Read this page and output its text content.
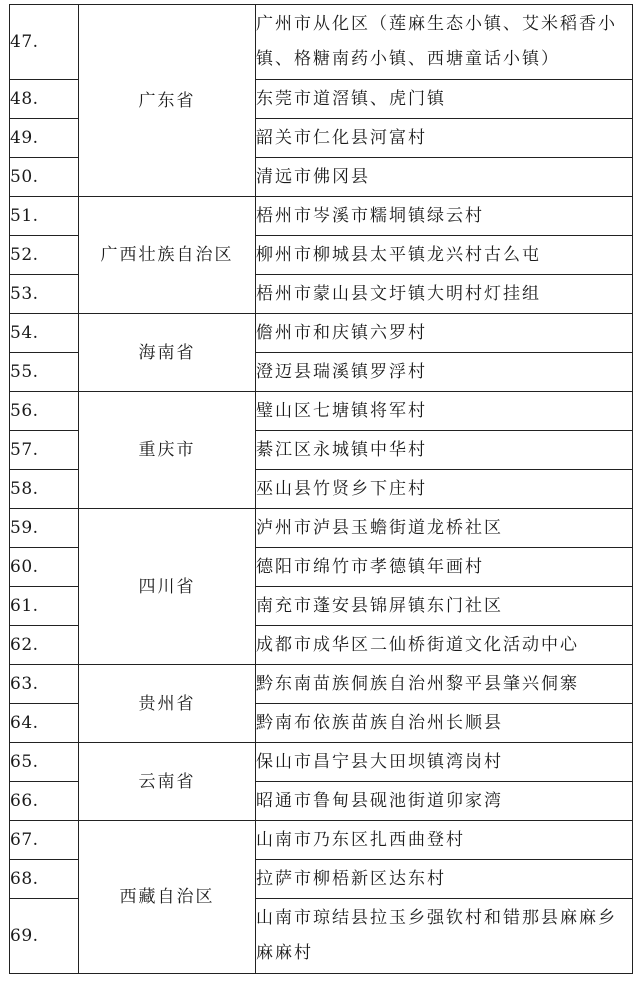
47.	广东省	广州市从化区（莲麻生态小镇、艾米稻香小镇、格糖南药小镇、西塘童话小镇）
48.		东莞市道滘镇、虎门镇
49.		韶关市仁化县河富村
50.		清远市佛冈县
51.	广西壮族自治区	梧州市岑溪市糯垌镇绿云村
52.		柳州市柳城县太平镇龙兴村古么屯
53.		梧州市蒙山县文圩镇大明村灯挂组
54.	海南省	儋州市和庆镇六罗村
55.		澄迈县瑞溪镇罗浮村
56.	重庆市	璧山区七塘镇将军村
57.		綦江区永城镇中华村
58.		巫山县竹贤乡下庄村
59.	四川省	泸州市泸县玉蟾街道龙桥社区
60.		德阳市绵竹市孝德镇年画村
61.		南充市蓬安县锦屏镇东门社区
62.		成都市成华区二仙桥街道文化活动中心
63.	贵州省	黔东南苗族侗族自治州黎平县肇兴侗寨
64.		黔南布依族苗族自治州长顺县
65.	云南省	保山市昌宁县大田坝镇湾岗村
66.		昭通市鲁甸县砚池街道卯家湾
67.	西藏自治区	山南市乃东区扎西曲登村
68.		拉萨市柳梧新区达东村
69.		山南市琼结县拉玉乡强钦村和错那县麻麻乡麻麻村
